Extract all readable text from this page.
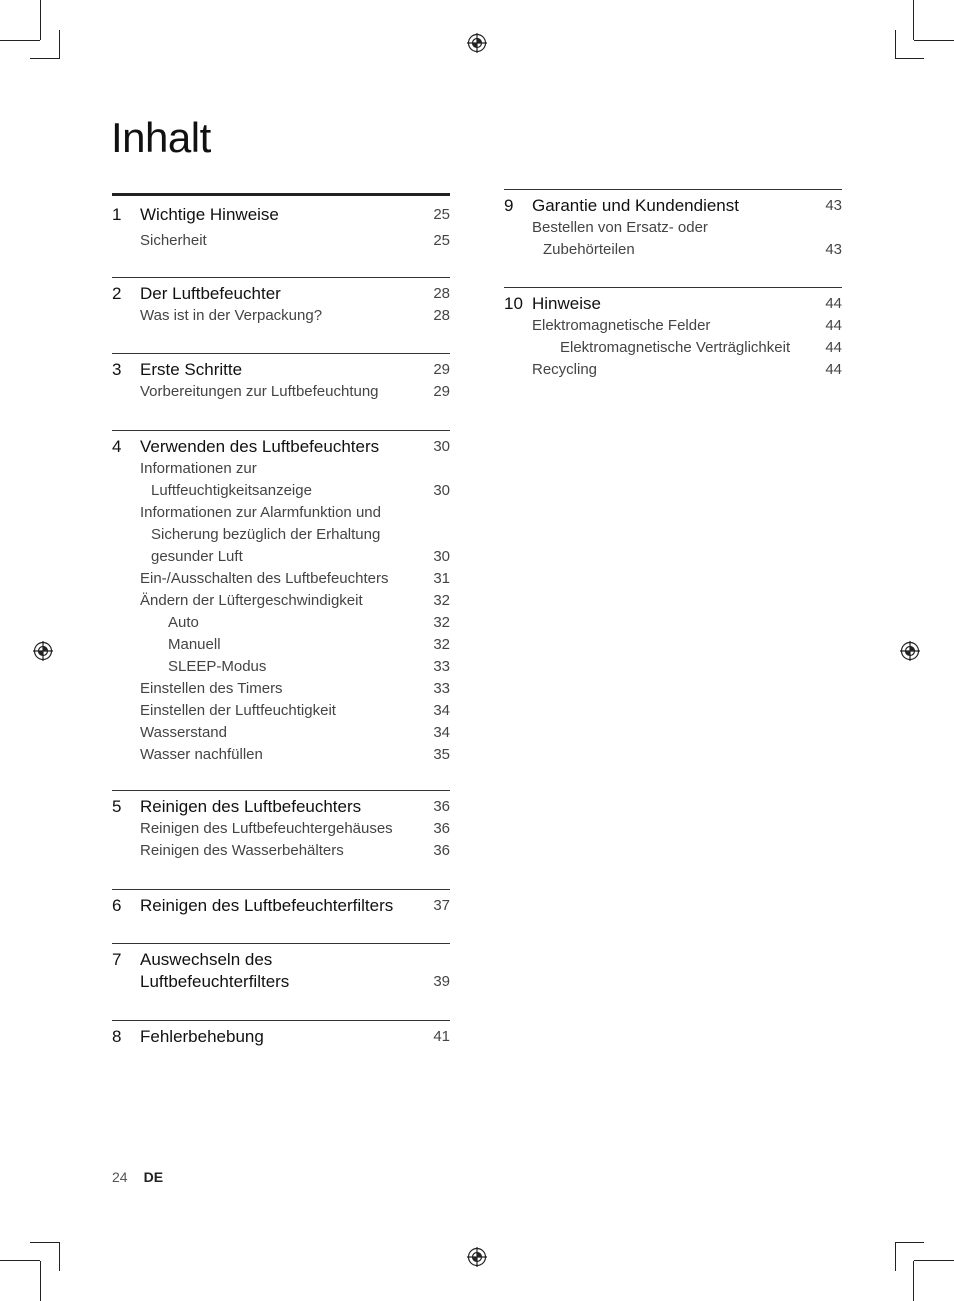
Inhalt
1 Wichtige Hinweise	25
Sicherheit	25
2 Der Luftbefeuchter	28
Was ist in der Verpackung?	28
3 Erste Schritte	29
Vorbereitungen zur Luftbefeuchtung	29
4 Verwenden des Luftbefeuchters	30
Informationen zur
Luftfeuchtigkeitsanzeige	30
Informationen zur Alarmfunktion und
Sicherung bezüglich der Erhaltung
gesunder Luft	30
Ein-/Ausschalten des Luftbefeuchters	31
Ändern der Lüftergeschwindigkeit	32
Auto	32
Manuell	32
SLEEP-Modus	33
Einstellen des Timers	33
Einstellen der Luftfeuchtigkeit	34
Wasserstand	34
Wasser nachfüllen	35
5 Reinigen des Luftbefeuchters	36
Reinigen des Luftbefeuchtergehäuses	36
Reinigen des Wasserbehälters	36
6 Reinigen des Luftbefeuchterfilters	37
7 Auswechseln des
Luftbefeuchterfilters	39
8 Fehlerbehebung	41
9 Garantie und Kundendienst	43
Bestellen von Ersatz- oder
Zubehörteilen	43
10 Hinweise	44
Elektromagnetische Felder	44
Elektromagnetische Verträglichkeit	44
Recycling	44
24 DE
